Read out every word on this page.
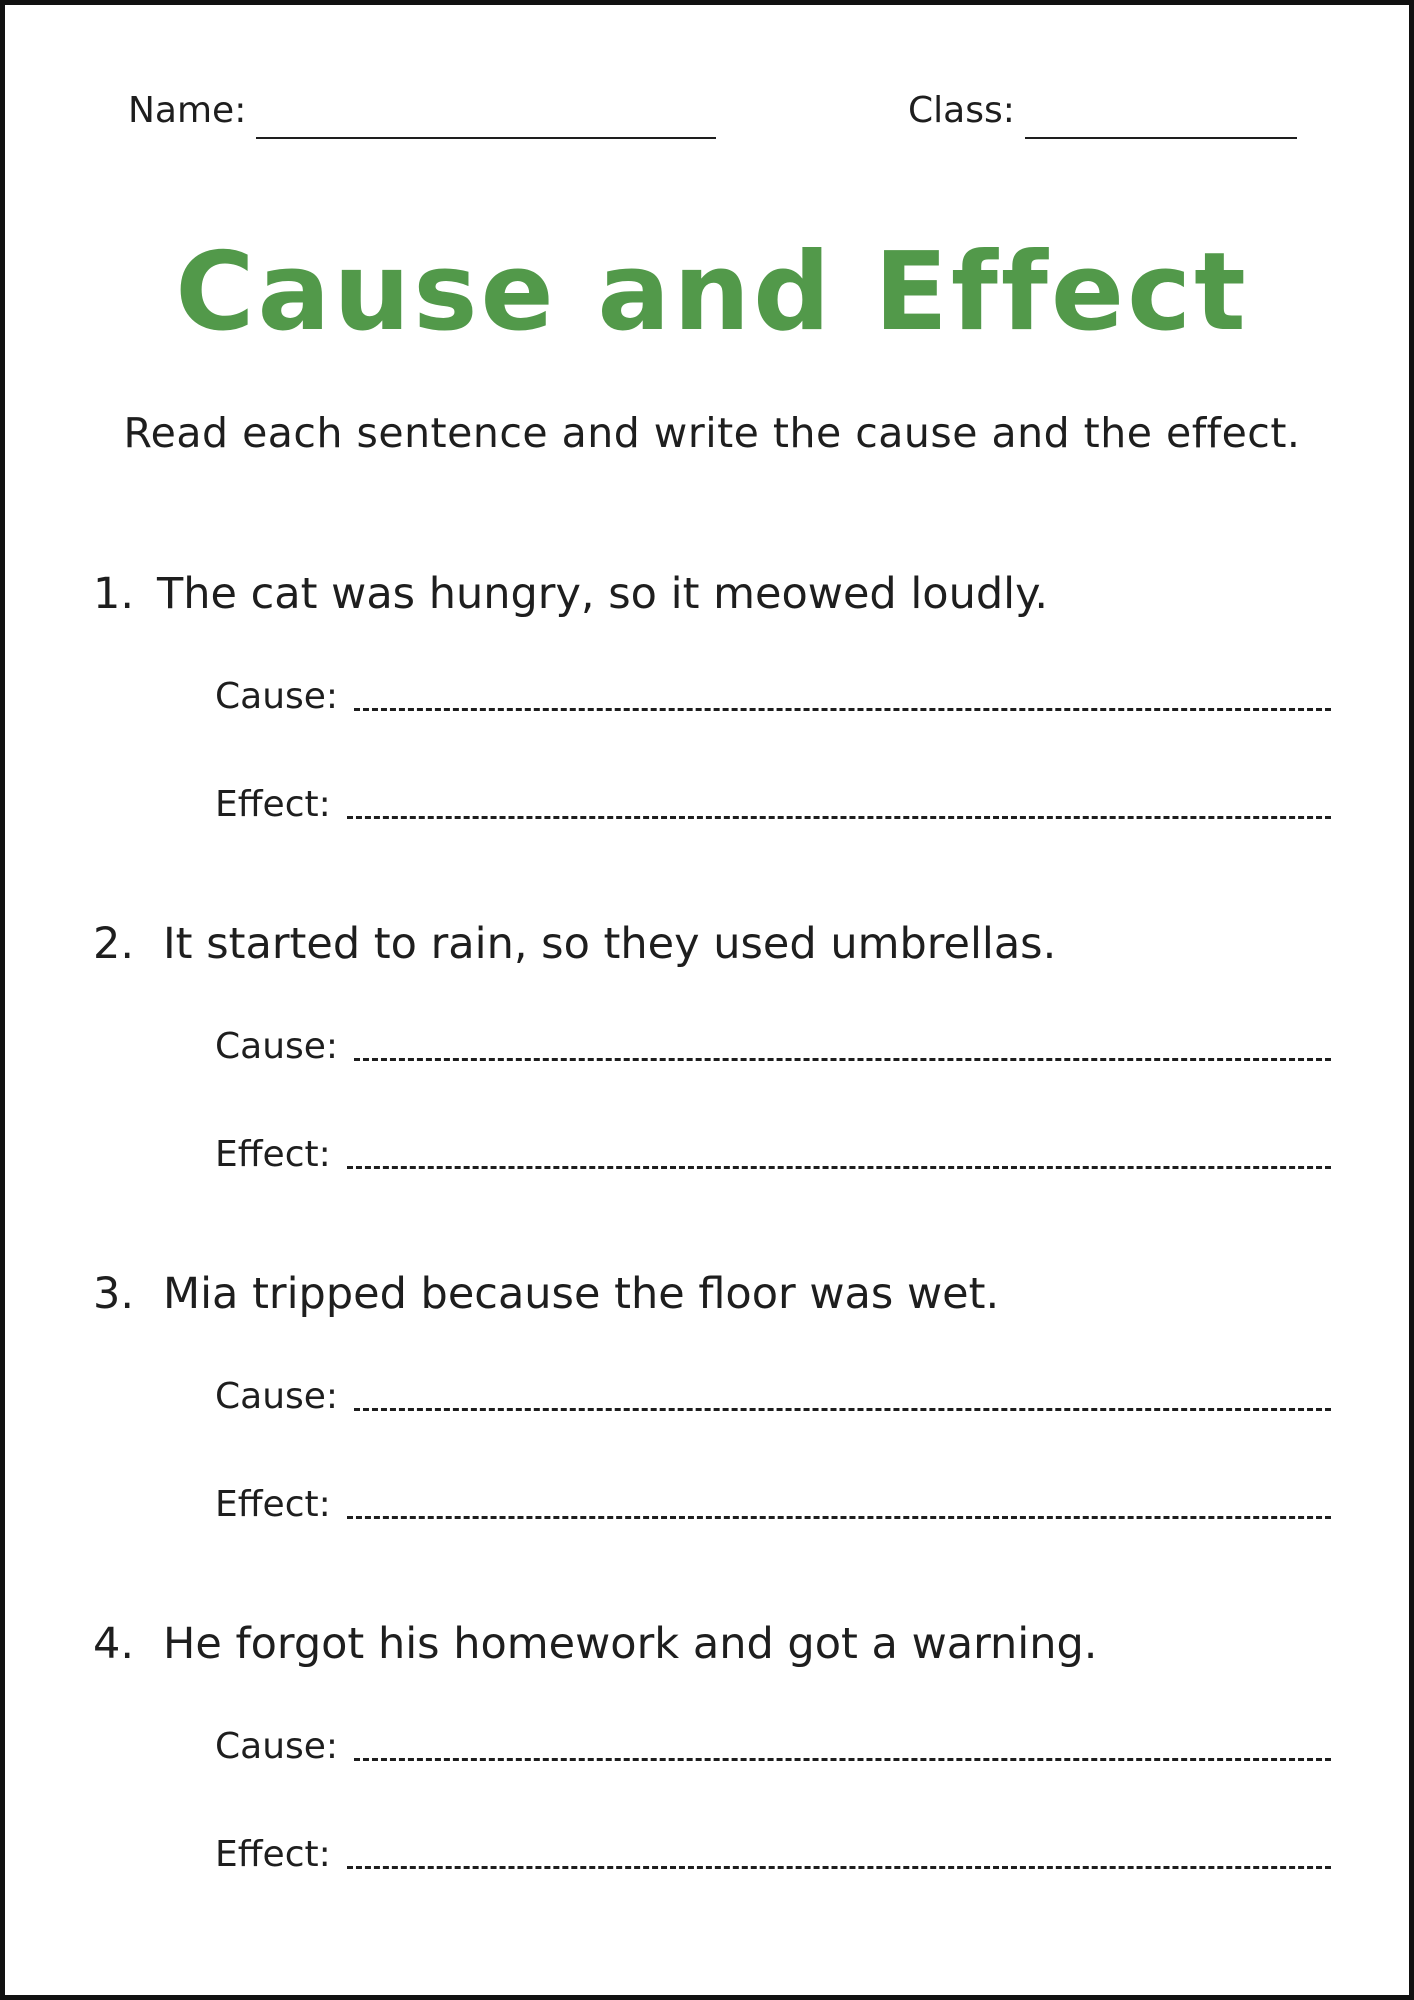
Name:	Class:
Cause and Effect
Read each sentence and write the cause and the effect.
1. The cat was hungry, so it meowed loudly.
Cause:
Effect:
2. It started to rain, so they used umbrellas.
Cause:
Effect:
3. Mia tripped because the floor was wet.
Cause:
Effect:
4. He forgot his homework and got a warning.
Cause:
Effect:
